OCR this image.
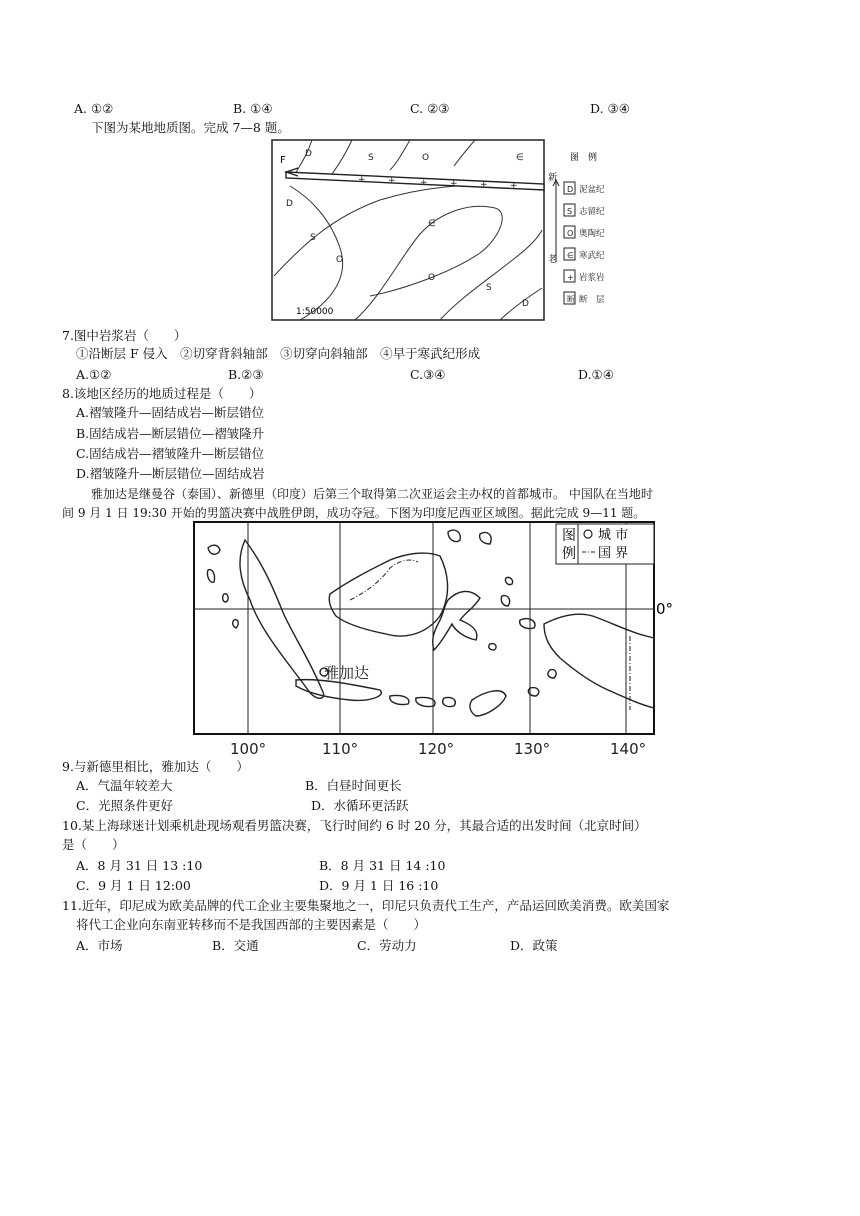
A. ①②	B. ①④	C. ②③	D. ③④
下图为某地地质图。完成 7—8 题。
+ +	+ + + +
F
D	S	O	∈
D
S
O
∈
O
S
D
1:50000
图　例
新
老
D 泥盆纪
S 志留纪
O 奥陶纪
∈ 寒武纪
+ 岩浆岩
断 断　层
7.图中岩浆岩（　　）
①沿断层 F 侵入　②切穿背斜轴部　③切穿向斜轴部　④早于寒武纪形成
A.①②	B.②③	C.③④	D.①④
8.该地区经历的地质过程是（　　）
A.褶皱隆升—固结成岩—断层错位
B.固结成岩—断层错位—褶皱隆升
C.固结成岩—褶皱隆升—断层错位
D.褶皱隆升—断层错位—固结成岩
雅加达是继曼谷（泰国）、新德里（印度）后第三个取得第二次亚运会主办权的首都城市。 中国队在当地时
间 9 月 1 日 19:30 开始的男篮决赛中战胜伊朗，成功夺冠。下图为印度尼西亚区域图。据此完成 9—11 题。
雅加达
图
例
城 市
国 界
0°
100°	110°	120°	130°	140°
9.与新德里相比，雅加达（　　）
A．气温年较差大	B．白昼时间更长
C．光照条件更好	D．水循环更活跃
10.某上海球迷计划乘机赴现场观看男篮决赛，飞行时间约 6 时 20 分，其最合适的出发时间（北京时间）
是（　　）
A．8 月 31 日 13 :10	B．8 月 31 日 14 :10
C．9 月 1 日 12:00	D．9 月 1 日 16 :10
11.近年，印尼成为欧美品牌的代工企业主要集聚地之一，印尼只负责代工生产，产品运回欧美消费。欧美国家
将代工企业向东南亚转移而不是我国西部的主要因素是（　　）
A．市场	B．交通	C．劳动力	D．政策
